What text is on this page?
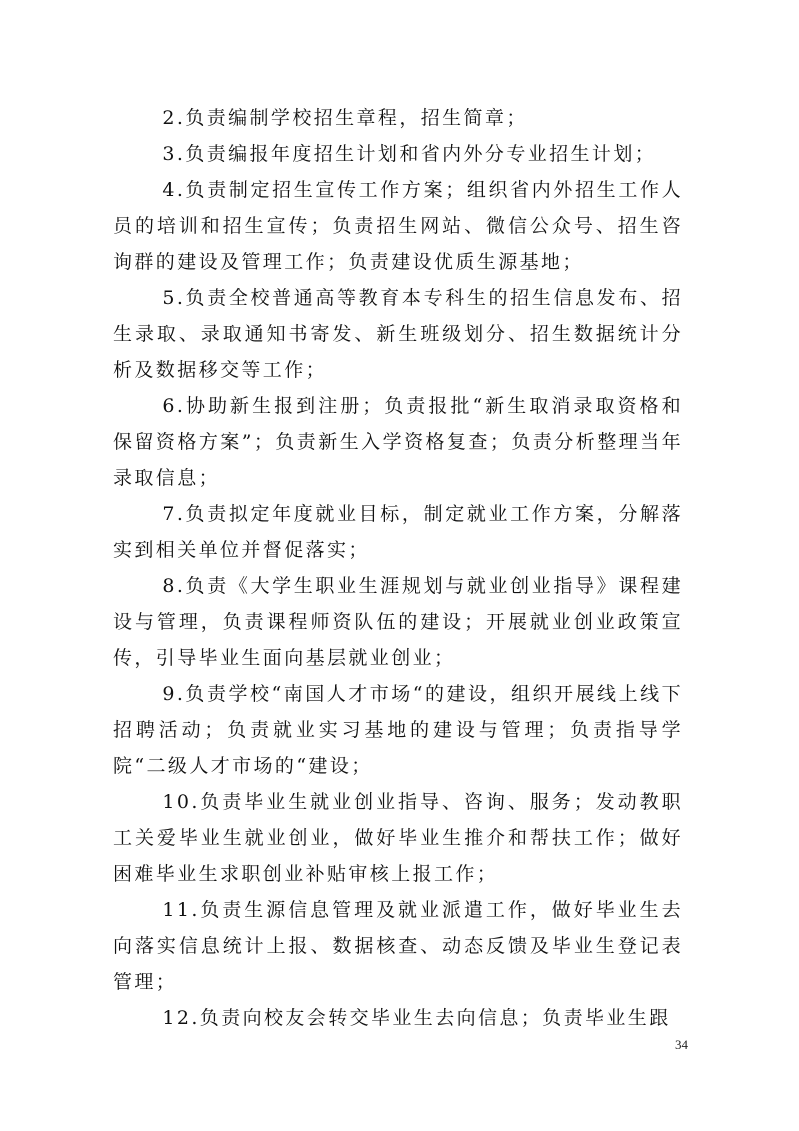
2.负责编制学校招生章程，招生简章；

3.负责编报年度招生计划和省内外分专业招生计划；

4.负责制定招生宣传工作方案；组织省内外招生工作人员的培训和招生宣传；负责招生网站、微信公众号、招生咨询群的建设及管理工作；负责建设优质生源基地；

5.负责全校普通高等教育本专科生的招生信息发布、招生录取、录取通知书寄发、新生班级划分、招生数据统计分析及数据移交等工作；

6.协助新生报到注册；负责报批“新生取消录取资格和保留资格方案”；负责新生入学资格复查；负责分析整理当年录取信息；

7.负责拟定年度就业目标，制定就业工作方案，分解落实到相关单位并督促落实；

8.负责《大学生职业生涯规划与就业创业指导》课程建设与管理，负责课程师资队伍的建设；开展就业创业政策宣传，引导毕业生面向基层就业创业；

9.负责学校“南国人才市场“的建设，组织开展线上线下招聘活动；负责就业实习基地的建设与管理；负责指导学院“二级人才市场的“建设；

10.负责毕业生就业创业指导、咨询、服务；发动教职工关爱毕业生就业创业，做好毕业生推介和帮扶工作；做好困难毕业生求职创业补贴审核上报工作；

11.负责生源信息管理及就业派遣工作，做好毕业生去向落实信息统计上报、数据核查、动态反馈及毕业生登记表管理；

12.负责向校友会转交毕业生去向信息；负责毕业生跟

34
